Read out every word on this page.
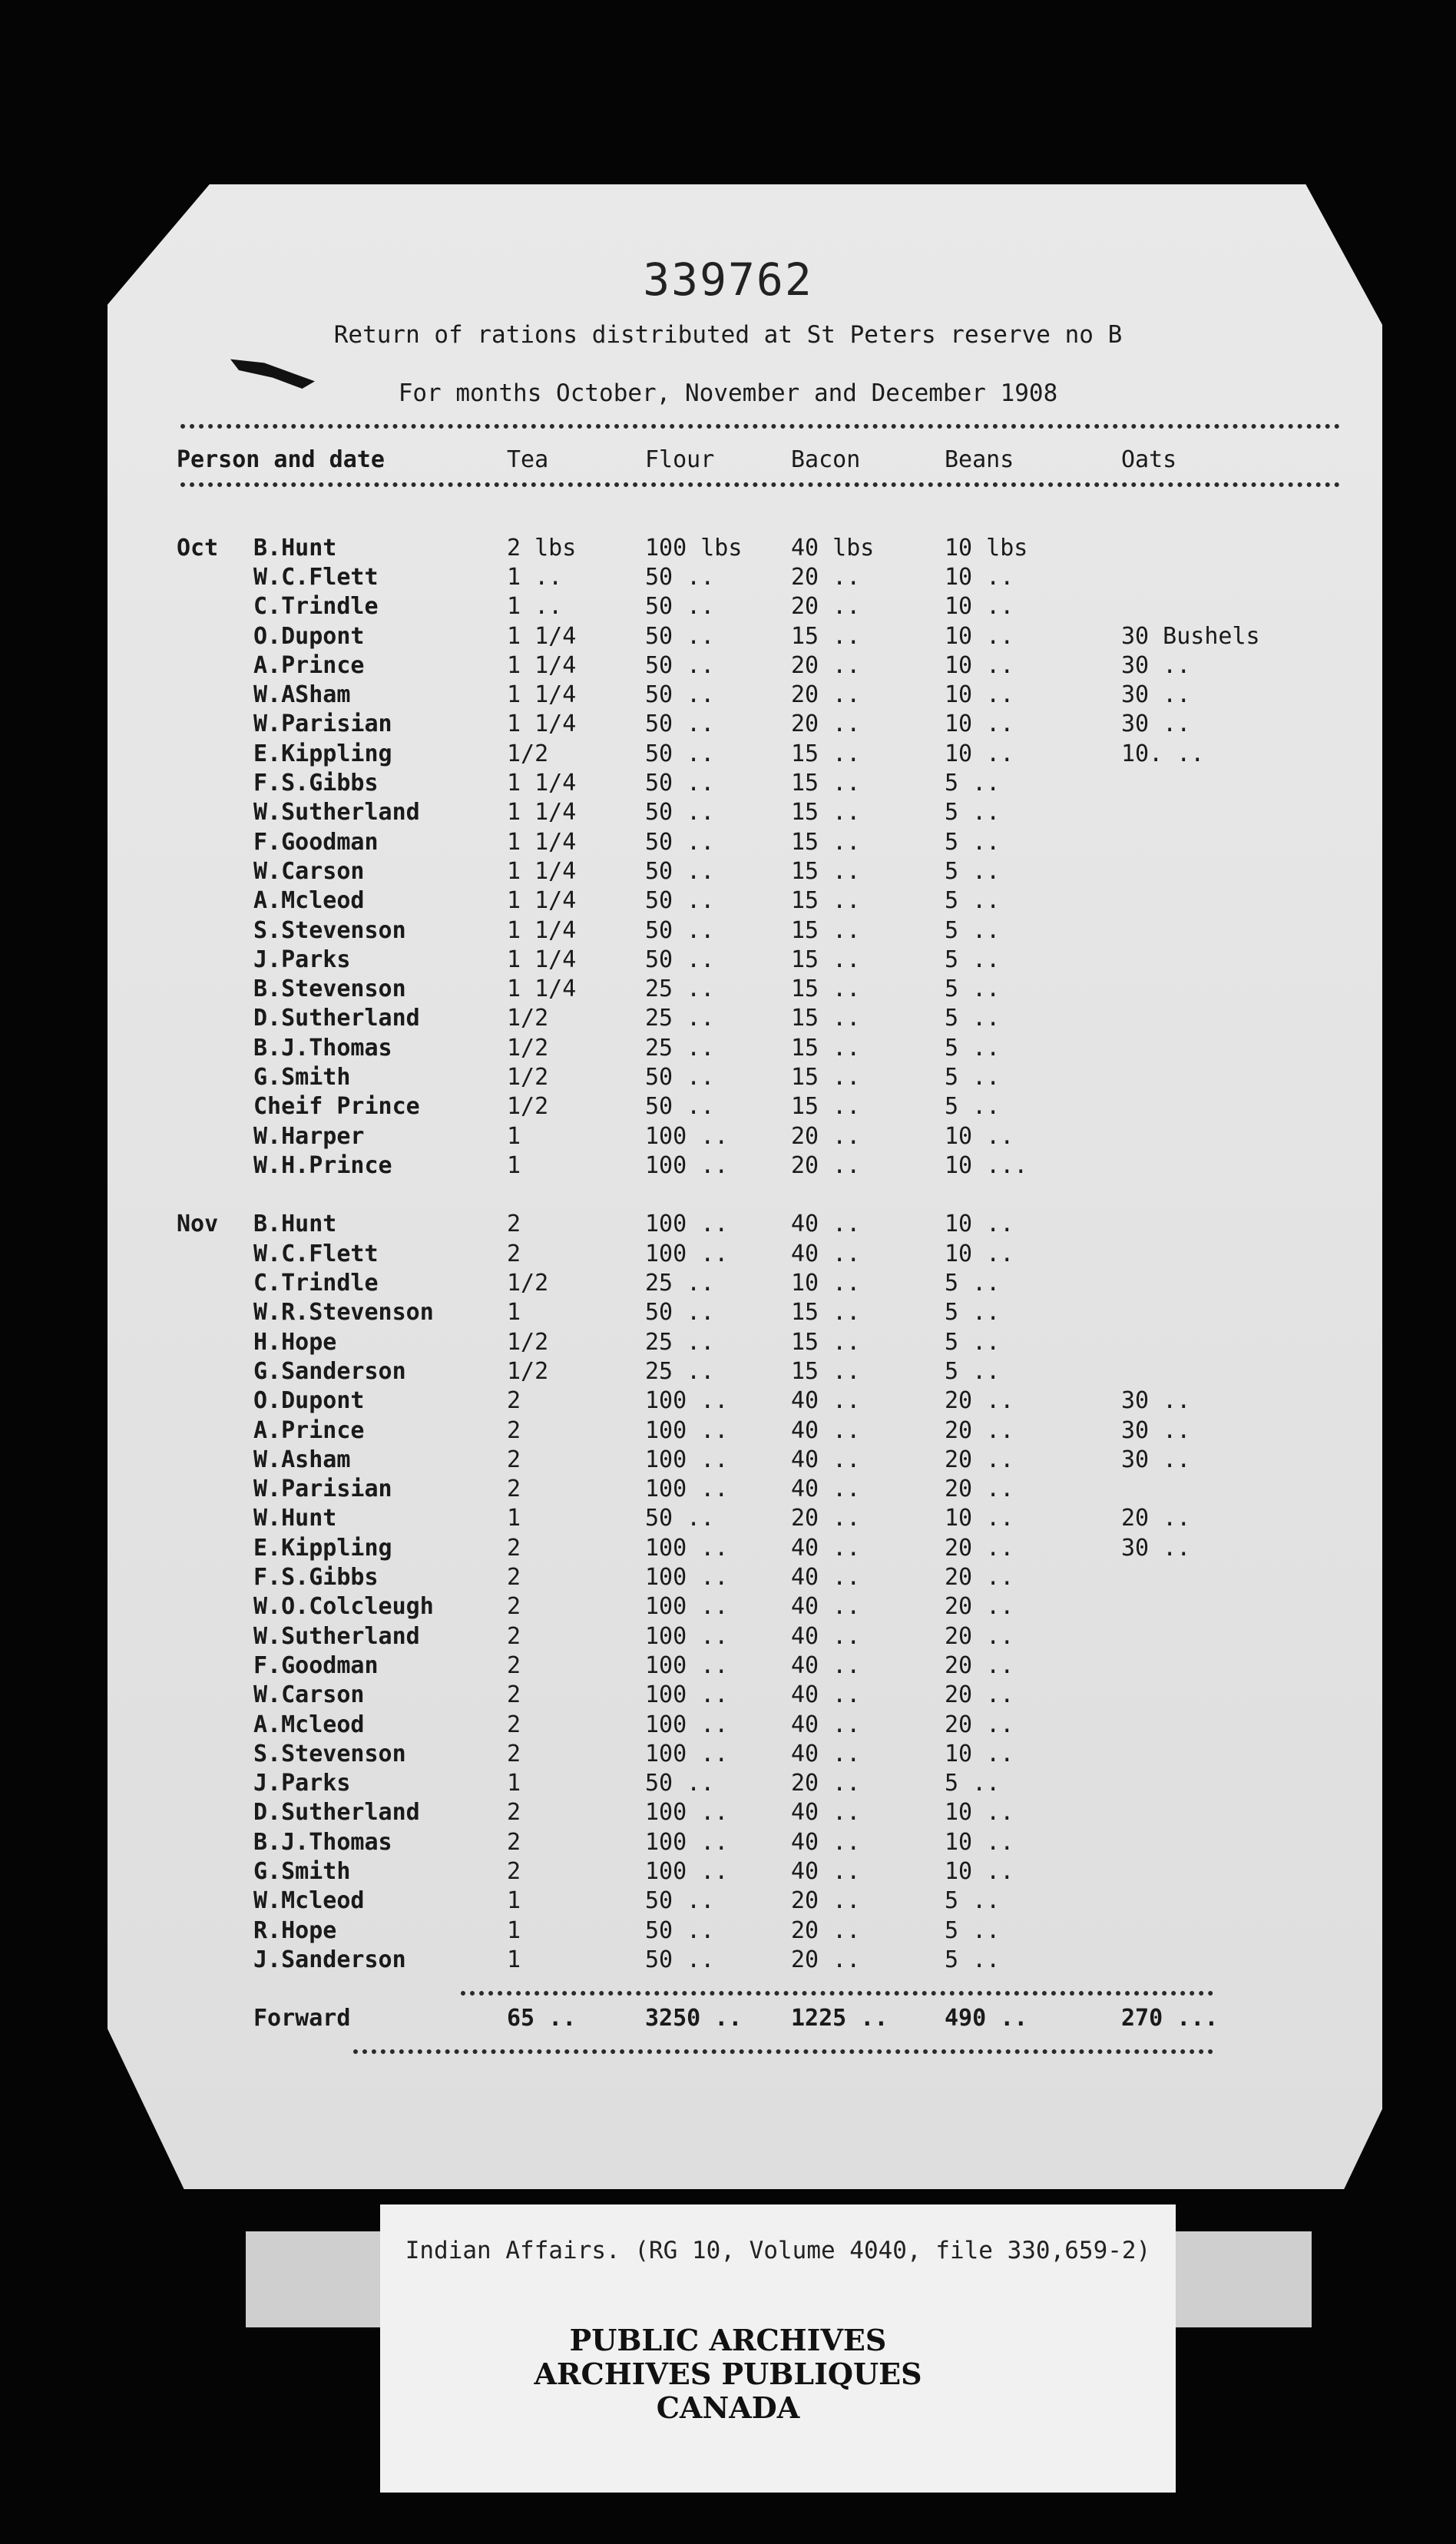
339762
Return of rations distributed at St Peters reserve no B
For months October, November and December 1908
Person and date	Tea	Flour	Bacon	Beans	Oats
Oct	B.Hunt	2 lbs	100 lbs	40 lbs	10 lbs	
	W.C.Flett	1 ..	50 ..	20 ..	10 ..	
	C.Trindle	1 ..	50 ..	20 ..	10 ..	
	O.Dupont	1 1/4	50 ..	15 ..	10 ..	30 Bushels
	A.Prince	1 1/4	50 ..	20 ..	10 ..	30 ..
	W.ASham	1 1/4	50 ..	20 ..	10 ..	30 ..
	W.Parisian	1 1/4	50 ..	20 ..	10 ..	30 ..
	E.Kippling	1/2	50 ..	15 ..	10 ..	10. ..
	F.S.Gibbs	1 1/4	50 ..	15 ..	5 ..	
	W.Sutherland	1 1/4	50 ..	15 ..	5 ..	
	F.Goodman	1 1/4	50 ..	15 ..	5 ..	
	W.Carson	1 1/4	50 ..	15 ..	5 ..	
	A.Mcleod	1 1/4	50 ..	15 ..	5 ..	
	S.Stevenson	1 1/4	50 ..	15 ..	5 ..	
	J.Parks	1 1/4	50 ..	15 ..	5 ..	
	B.Stevenson	1 1/4	25 ..	15 ..	5 ..	
	D.Sutherland	1/2	25 ..	15 ..	5 ..	
	B.J.Thomas	1/2	25 ..	15 ..	5 ..	
	G.Smith	1/2	50 ..	15 ..	5 ..	
	Cheif Prince	1/2	50 ..	15 ..	5 ..	
	W.Harper	1	100 ..	20 ..	10 ..	
	W.H.Prince	1	100 ..	20 ..	10 ...	

Nov	B.Hunt	2	100 ..	40 ..	10 ..	
	W.C.Flett	2	100 ..	40 ..	10 ..	
	C.Trindle	1/2	25 ..	10 ..	5 ..	
	W.R.Stevenson	1	50 ..	15 ..	5 ..	
	H.Hope	1/2	25 ..	15 ..	5 ..	
	G.Sanderson	1/2	25 ..	15 ..	5 ..	
	O.Dupont	2	100 ..	40 ..	20 ..	30 ..
	A.Prince	2	100 ..	40 ..	20 ..	30 ..
	W.Asham	2	100 ..	40 ..	20 ..	30 ..
	W.Parisian	2	100 ..	40 ..	20 ..	
	W.Hunt	1	50 ..	20 ..	10 ..	20 ..
	E.Kippling	2	100 ..	40 ..	20 ..	30 ..
	F.S.Gibbs	2	100 ..	40 ..	20 ..	
	W.O.Colcleugh	2	100 ..	40 ..	20 ..	
	W.Sutherland	2	100 ..	40 ..	20 ..	
	F.Goodman	2	100 ..	40 ..	20 ..	
	W.Carson	2	100 ..	40 ..	20 ..	
	A.Mcleod	2	100 ..	40 ..	20 ..	
	S.Stevenson	2	100 ..	40 ..	10 ..	
	J.Parks	1	50 ..	20 ..	5 ..	
	D.Sutherland	2	100 ..	40 ..	10 ..	
	B.J.Thomas	2	100 ..	40 ..	10 ..	
	G.Smith	2	100 ..	40 ..	10 ..	
	W.Mcleod	1	50 ..	20 ..	5 ..	
	R.Hope	1	50 ..	20 ..	5 ..	
	J.Sanderson	1	50 ..	20 ..	5 ..	
	Forward	65 ..	3250 ..	1225 ..	490 ..	270 ...
Indian Affairs. (RG 10, Volume 4040, file 330,659-2)
PUBLIC ARCHIVES
ARCHIVES PUBLIQUES
CANADA
